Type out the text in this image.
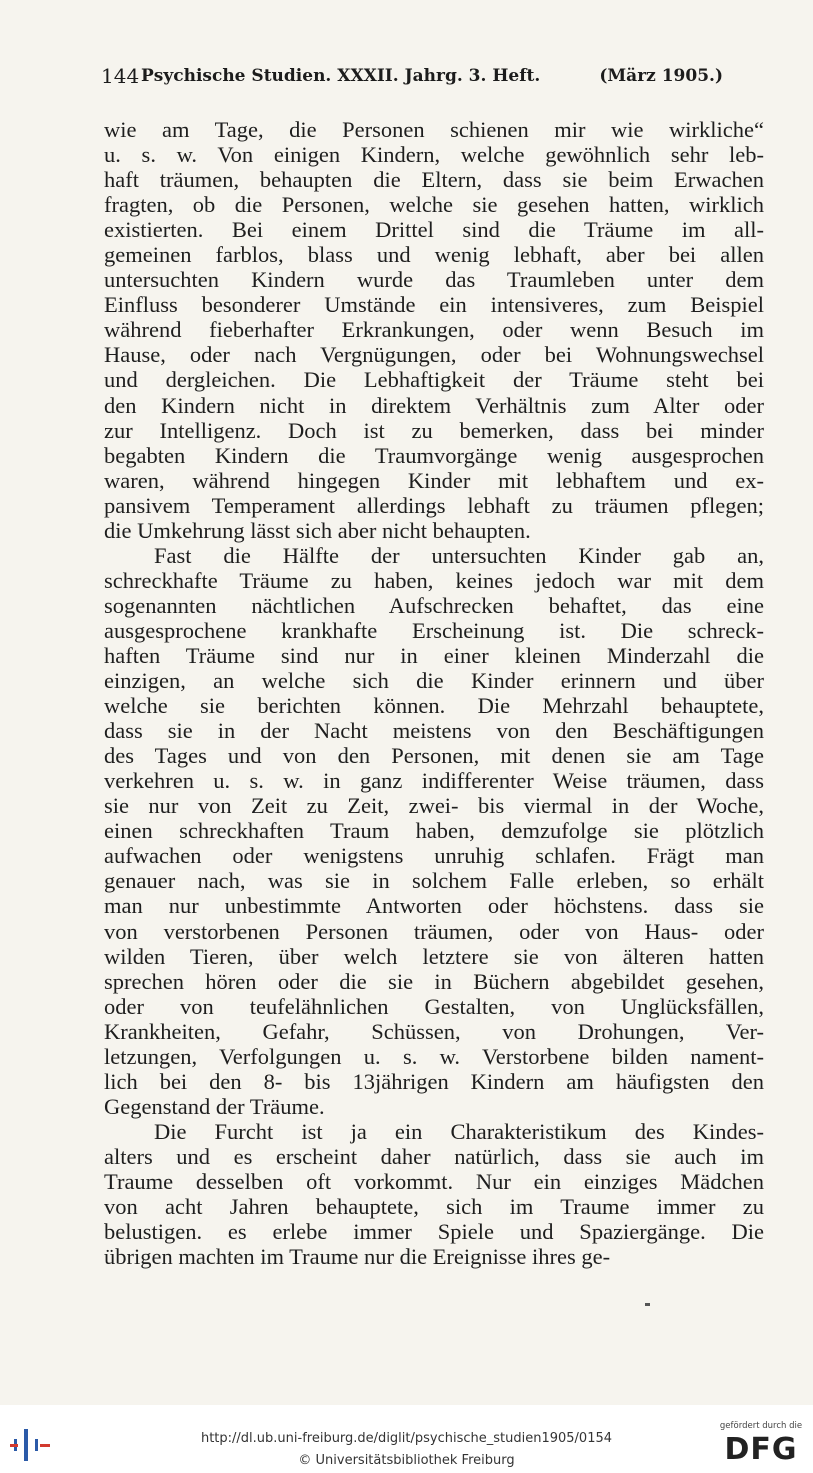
144 Psychische Studien. XXXII. Jahrg. 3. Heft.	(März 1905.)
wie am Tage, die Personen schienen mir wie wirkliche“
u. s. w. Von einigen Kindern, welche gewöhnlich sehr leb-
haft träumen, behaupten die Eltern, dass sie beim Erwachen
fragten, ob die Personen, welche sie gesehen hatten, wirklich
existierten. Bei einem Drittel sind die Träume im all-
gemeinen farblos, blass und wenig lebhaft, aber bei allen
untersuchten Kindern wurde das Traumleben unter dem
Einfluss besonderer Umstände ein intensiveres, zum Beispiel
während fieberhafter Erkrankungen, oder wenn Besuch im
Hause, oder nach Vergnügungen, oder bei Wohnungswechsel
und dergleichen. Die Lebhaftigkeit der Träume steht bei
den Kindern nicht in direktem Verhältnis zum Alter oder
zur Intelligenz. Doch ist zu bemerken, dass bei minder
begabten Kindern die Traumvorgänge wenig ausgesprochen
waren, während hingegen Kinder mit lebhaftem und ex-
pansivem Temperament allerdings lebhaft zu träumen pflegen;
die Umkehrung lässt sich aber nicht behaupten.
Fast die Hälfte der untersuchten Kinder gab an,
schreckhafte Träume zu haben, keines jedoch war mit dem
sogenannten nächtlichen Aufschrecken behaftet, das eine
ausgesprochene krankhafte Erscheinung ist. Die schreck-
haften Träume sind nur in einer kleinen Minderzahl die
einzigen, an welche sich die Kinder erinnern und über
welche sie berichten können. Die Mehrzahl behauptete,
dass sie in der Nacht meistens von den Beschäftigungen
des Tages und von den Personen, mit denen sie am Tage
verkehren u. s. w. in ganz indifferenter Weise träumen, dass
sie nur von Zeit zu Zeit, zwei- bis viermal in der Woche,
einen schreckhaften Traum haben, demzufolge sie plötzlich
aufwachen oder wenigstens unruhig schlafen. Frägt man
genauer nach, was sie in solchem Falle erleben, so erhält
man nur unbestimmte Antworten oder höchstens. dass sie
von verstorbenen Personen träumen, oder von Haus- oder
wilden Tieren, über welch letztere sie von älteren hatten
sprechen hören oder die sie in Büchern abgebildet gesehen,
oder von teufelähnlichen Gestalten, von Unglücksfällen,
Krankheiten, Gefahr, Schüssen, von Drohungen, Ver-
letzungen, Verfolgungen u. s. w. Verstorbene bilden nament-
lich bei den 8- bis 13jährigen Kindern am häufigsten den
Gegenstand der Träume.
Die Furcht ist ja ein Charakteristikum des Kindes-
alters und es erscheint daher natürlich, dass sie auch im
Traume desselben oft vorkommt. Nur ein einziges Mädchen
von acht Jahren behauptete, sich im Traume immer zu
belustigen. es erlebe immer Spiele und Spaziergänge. Die
übrigen machten im Traume nur die Ereignisse ihres ge-
http://dl.ub.uni-freiburg.de/diglit/psychische_studien1905/0154
© Universitätsbibliothek Freiburg
gefördert durch die
DFG
